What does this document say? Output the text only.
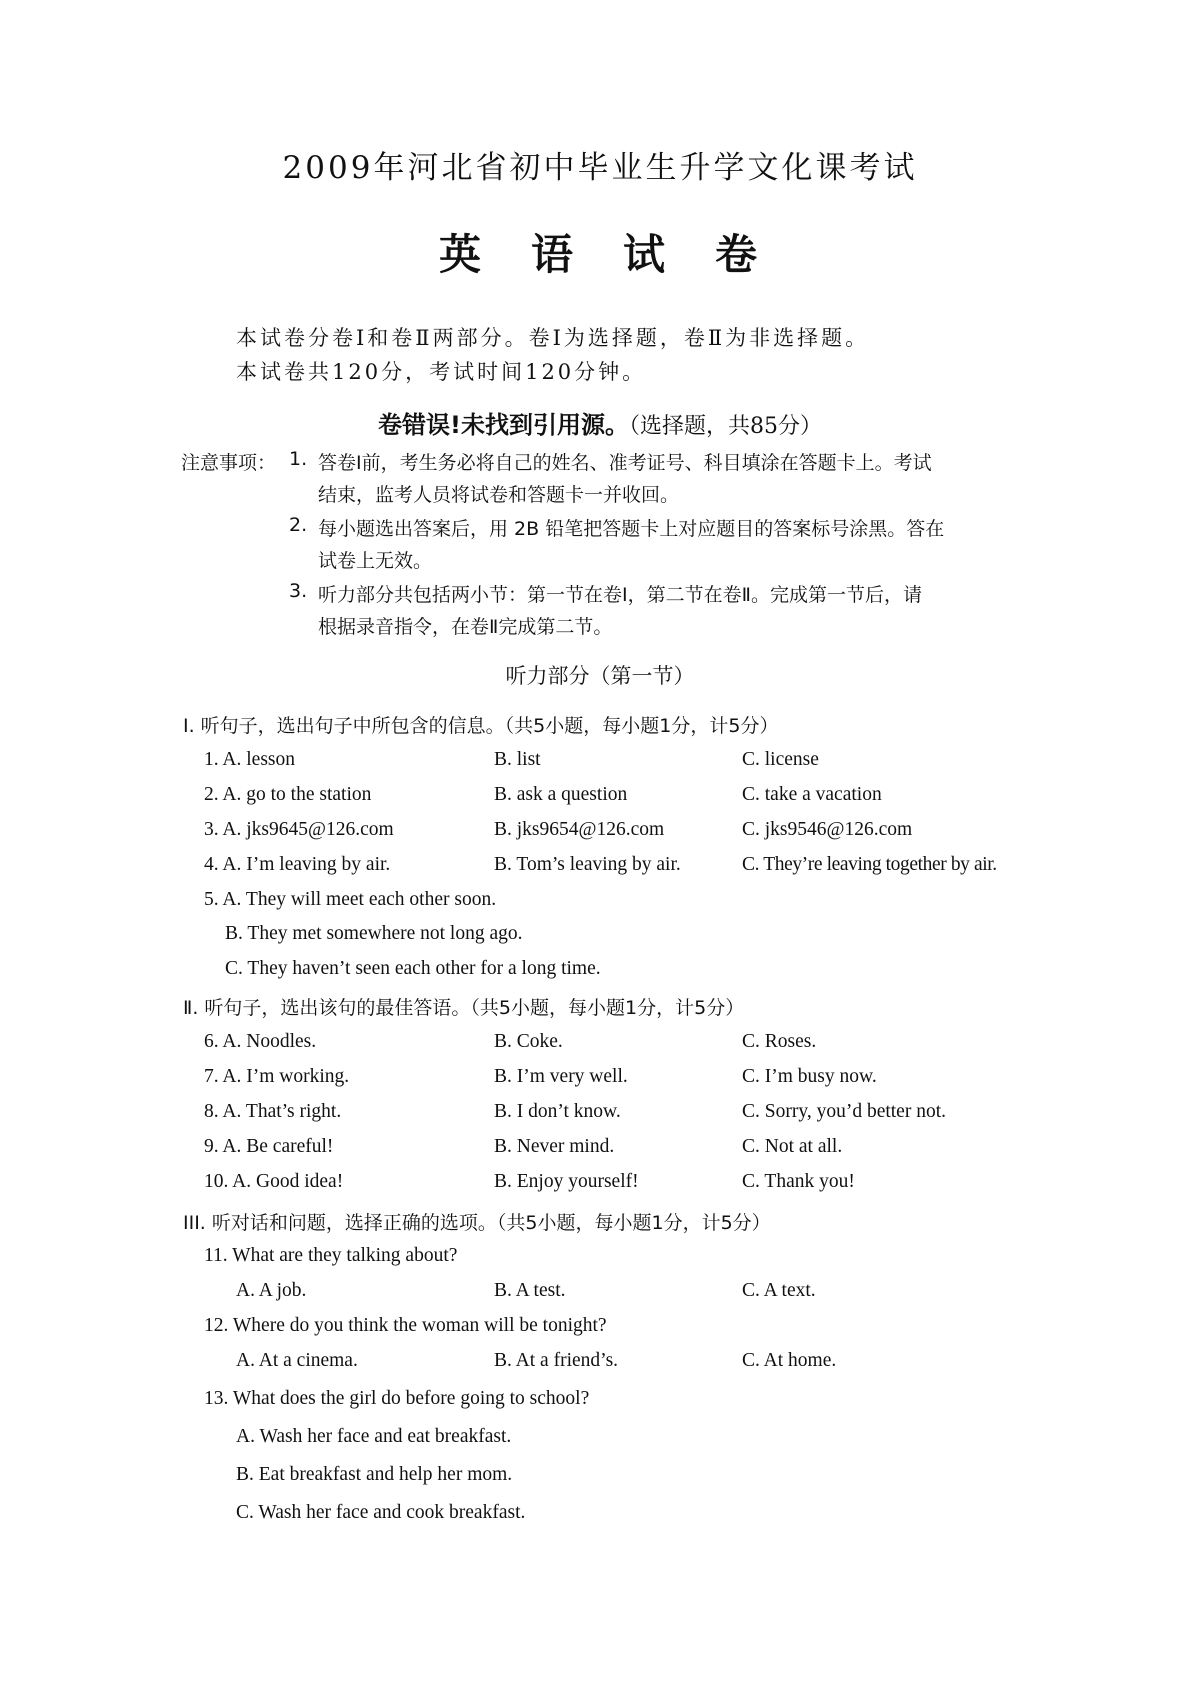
2009年河北省初中毕业生升学文化课考试
英 语 试 卷
本试卷分卷Ⅰ和卷Ⅱ两部分。卷Ⅰ为选择题，卷Ⅱ为非选择题。
本试卷共120分，考试时间120分钟。
卷错误!未找到引用源。（选择题，共85分）
注意事项： 1. 答卷Ⅰ前，考生务必将自己的姓名、准考证号、科目填涂在答题卡上。考试
结束，监考人员将试卷和答题卡一并收回。
2. 每小题选出答案后，用 2B 铅笔把答题卡上对应题目的答案标号涂黑。答在
试卷上无效。
3. 听力部分共包括两小节：第一节在卷Ⅰ，第二节在卷Ⅱ。完成第一节后，请
根据录音指令，在卷Ⅱ完成第二节。
听力部分（第一节）
Ⅰ. 听句子，选出句子中所包含的信息。（共5小题，每小题1分，计5分）
1. A. lesson	B. list	C. license
2. A. go to the station	B. ask a question	C. take a vacation
3. A. jks9645@126.com	B. jks9654@126.com	C. jks9546@126.com
4. A. I’m leaving by air.	B. Tom’s leaving by air.	C. They’re leaving together by air.
5. A. They will meet each other soon.
B. They met somewhere not long ago.
C. They haven’t seen each other for a long time.
Ⅱ. 听句子，选出该句的最佳答语。（共5小题，每小题1分，计5分）
6. A. Noodles.	B. Coke.	C. Roses.
7. A. I’m working.	B. I’m very well.	C. I’m busy now.
8. A. That’s right.	B. I don’t know.	C. Sorry, you’d better not.
9. A. Be careful!	B. Never mind.	C. Not at all.
10. A. Good idea!	B. Enjoy yourself!	C. Thank you!
III. 听对话和问题，选择正确的选项。（共5小题，每小题1分，计5分）
11. What are they talking about?
A. A job.	B. A test.	C. A text.
12. Where do you think the woman will be tonight?
A. At a cinema.	B. At a friend’s.	C. At home.
13. What does the girl do before going to school?
A. Wash her face and eat breakfast.
B. Eat breakfast and help her mom.
C. Wash her face and cook breakfast.
